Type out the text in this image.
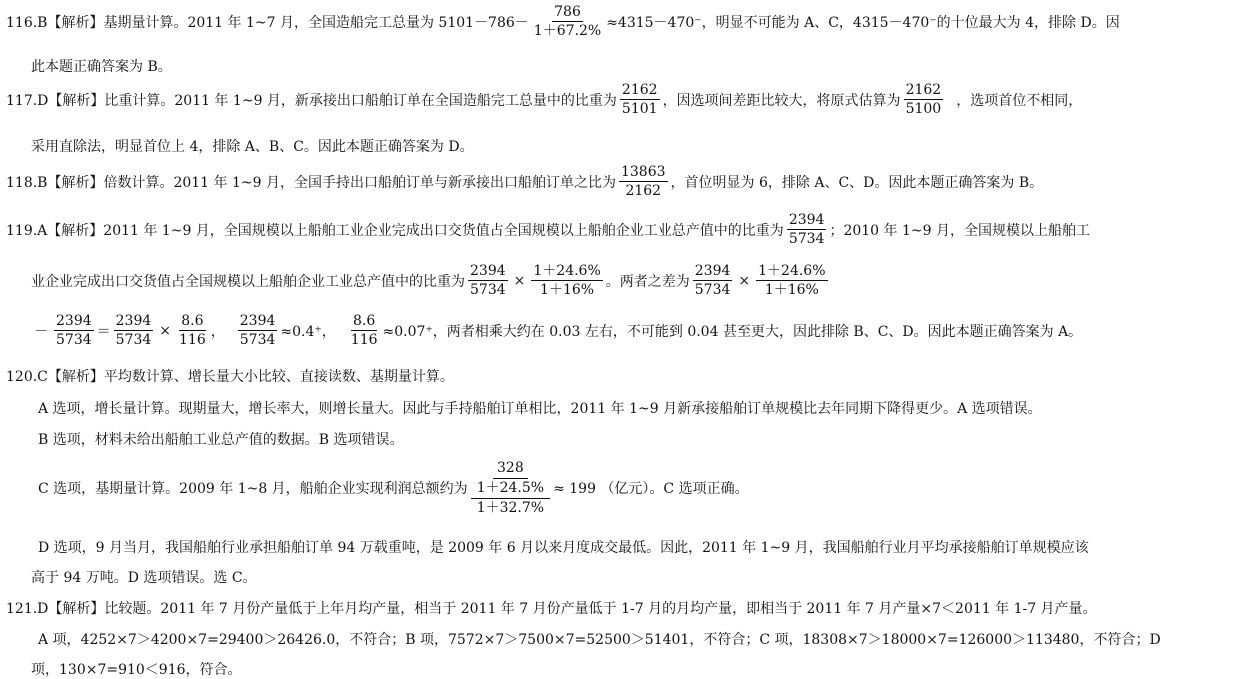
116.B【解析】基期量计算。2011 年 1~7 月，全国造船完工总量为 $5101-786- \frac{786}{1+67.2\%} \approx 4315-470^-$，明显不可能为 A、C，4315－470⁻的十位最大为 4，排除 D。因
此本题正确答案为 B。
117.D【解析】比重计算。2011 年 1~9 月，新承接出口船舶订单在全国造船完工总量中的比重为 $\frac{2162}{5101}$ ，因选项间差距比较大，将原式估算为 $\frac{2162}{5100}$ ，选项首位不相同，
采用直除法，明显首位上 4，排除 A、B、C。因此本题正确答案为 D。
118.B【解析】倍数计算。2011 年 1~9 月，全国手持出口船舶订单与新承接出口船舶订单之比为 $\frac{13863}{2162}$ ，首位明显为 6，排除 A、C、D。因此本题正确答案为 B。
119.A【解析】2011 年 1~9 月，全国规模以上船舶工业企业完成出口交货值占全国规模以上船舶企业工业总产值中的比重为 $\frac{2394}{5734}$ ；2010 年 1~9 月，全国规模以上船舶工
业企业完成出口交货值占全国规模以上船舶企业工业总产值中的比重为 $\frac{2394}{5734} \times \frac{1+24.6\%}{1+16\%}$ 。两者之差为 $\frac{2394}{5734} \times \frac{1+24.6\%}{1+16\%}$
－ $\frac{2394}{5734} = \frac{2394}{5734} \times \frac{8.6}{116}$ ， $\frac{2394}{5734} \approx 0.4^+$， $\frac{8.6}{116} \approx 0.07^+$，两者相乘大约在 0.03 左右，不可能到 0.04 甚至更大，因此排除 B、C、D。因此本题正确答案为 A。
120.C【解析】平均数计算、增长量大小比较、直接读数、基期量计算。
A 选项，增长量计算。现期量大，增长率大，则增长量大。因此与手持船舶订单相比，2011 年 1~9 月新承接船舶订单规模比去年同期下降得更少。A 选项错误。
B 选项，材料未给出船舶工业总产值的数据。B 选项错误。
C 选项，基期量计算。2009 年 1~8 月，船舶企业实现利润总额约为 $\frac{\frac{328}{1+24.5\%}}{1+32.7\%} \approx 199$ （亿元）。C 选项正确。
D 选项，9 月当月，我国船舶行业承担船舶订单 94 万载重吨，是 2009 年 6 月以来月度成交最低。因此，2011 年 1~9 月，我国船舶行业月平均承接船舶订单规模应该
高于 94 万吨。D 选项错误。选 C。
121.D【解析】比较题。2011 年 7 月份产量低于上年月均产量，相当于 2011 年 7 月份产量低于 1-7 月的月均产量，即相当于 2011 年 7 月产量×7＜2011 年 1-7 月产量。
A 项，4252×7＞4200×7=29400＞26426.0，不符合；B 项，7572×7＞7500×7=52500＞51401，不符合；C 项，18308×7＞18000×7=126000＞113480，不符合；D
项，130×7=910＜916，符合。
